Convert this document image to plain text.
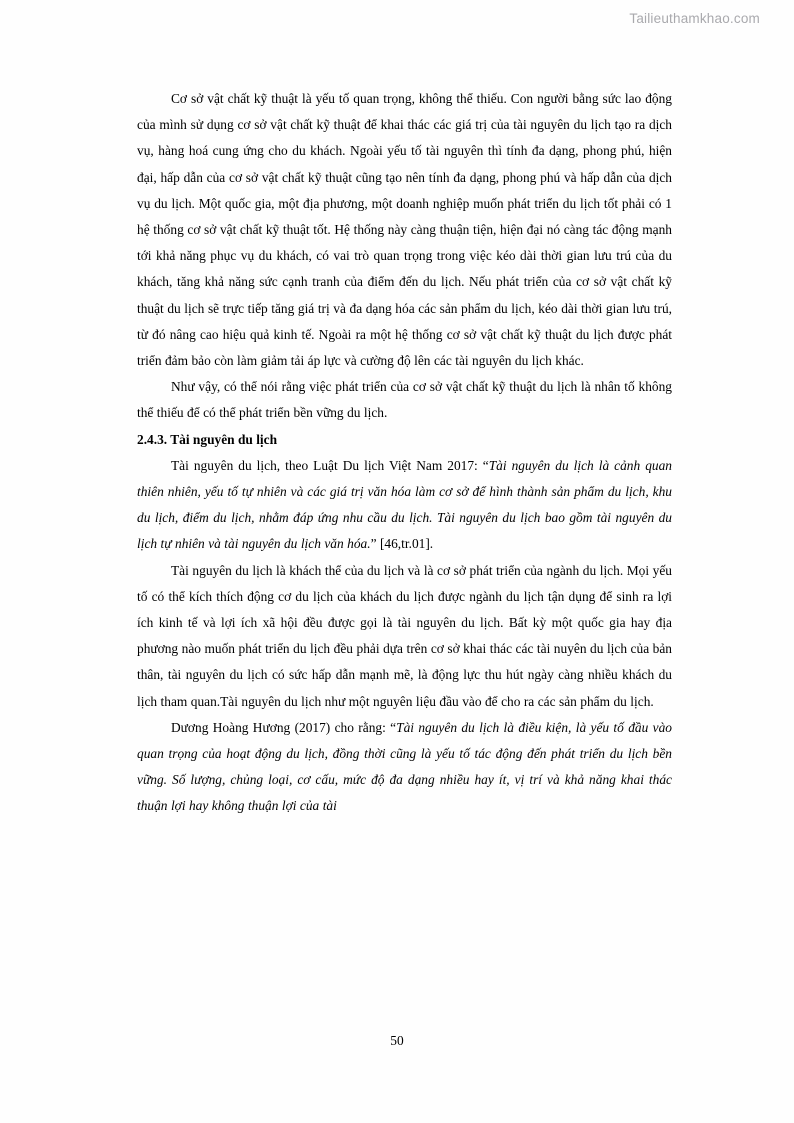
Tailieuthamkhao.com

Cơ sở vật chất kỹ thuật là yếu tố quan trọng, không thể thiếu. Con người bằng sức lao động của mình sử dụng cơ sở vật chất kỹ thuật để khai thác các giá trị của tài nguyên du lịch tạo ra dịch vụ, hàng hoá cung ứng cho du khách. Ngoài yếu tố tài nguyên thì tính đa dạng, phong phú, hiện đại, hấp dẫn của cơ sở vật chất kỹ thuật cũng tạo nên tính đa dạng, phong phú và hấp dẫn của dịch vụ du lịch. Một quốc gia, một địa phương, một doanh nghiệp muốn phát triển du lịch tốt phải có 1 hệ thống cơ sở vật chất kỹ thuật tốt. Hệ thống này càng thuận tiện, hiện đại nó càng tác động mạnh tới khả năng phục vụ du khách, có vai trò quan trọng trong việc kéo dài thời gian lưu trú của du khách, tăng khả năng sức cạnh tranh của điểm đến du lịch. Nếu phát triển của cơ sở vật chất kỹ thuật du lịch sẽ trực tiếp tăng giá trị và đa dạng hóa các sản phẩm du lịch, kéo dài thời gian lưu trú, từ đó nâng cao hiệu quả kinh tế. Ngoài ra một hệ thống cơ sở vật chất kỹ thuật du lịch được phát triển đảm bảo còn làm giảm tải áp lực và cường độ lên các tài nguyên du lịch khác.

Như vậy, có thể nói rằng việc phát triển của cơ sở vật chất kỹ thuật du lịch là nhân tố không thể thiếu để có thể phát triển bền vững du lịch.

2.4.3. Tài nguyên du lịch

Tài nguyên du lịch, theo Luật Du lịch Việt Nam 2017: “Tài nguyên du lịch là cảnh quan thiên nhiên, yếu tố tự nhiên và các giá trị văn hóa làm cơ sở để hình thành sản phẩm du lịch, khu du lịch, điểm du lịch, nhằm đáp ứng nhu cầu du lịch. Tài nguyên du lịch bao gồm tài nguyên du lịch tự nhiên và tài nguyên du lịch văn hóa.” [46,tr.01].

Tài nguyên du lịch là khách thể của du lịch và là cơ sở phát triển của ngành du lịch. Mọi yếu tố có thể kích thích động cơ du lịch của khách du lịch được ngành du lịch tận dụng để sinh ra lợi ích kinh tế và lợi ích xã hội đều được gọi là tài nguyên du lịch. Bất kỳ một quốc gia hay địa phương nào muốn phát triển du lịch đều phải dựa trên cơ sở khai thác các tài nuyên du lịch của bản thân, tài nguyên du lịch có sức hấp dẫn mạnh mẽ, là động lực thu hút ngày càng nhiều khách du lịch tham quan.Tài nguyên du lịch như một nguyên liệu đầu vào để cho ra các sản phẩm du lịch.

Dương Hoàng Hương (2017) cho rằng: “Tài nguyên du lịch là điều kiện, là yếu tố đầu vào quan trọng của hoạt động du lịch, đồng thời cũng là yếu tố tác động đến phát triển du lịch bền vững. Số lượng, chủng loại, cơ cấu, mức độ đa dạng nhiều hay ít, vị trí và khả năng khai thác thuận lợi hay không thuận lợi của tài

50
